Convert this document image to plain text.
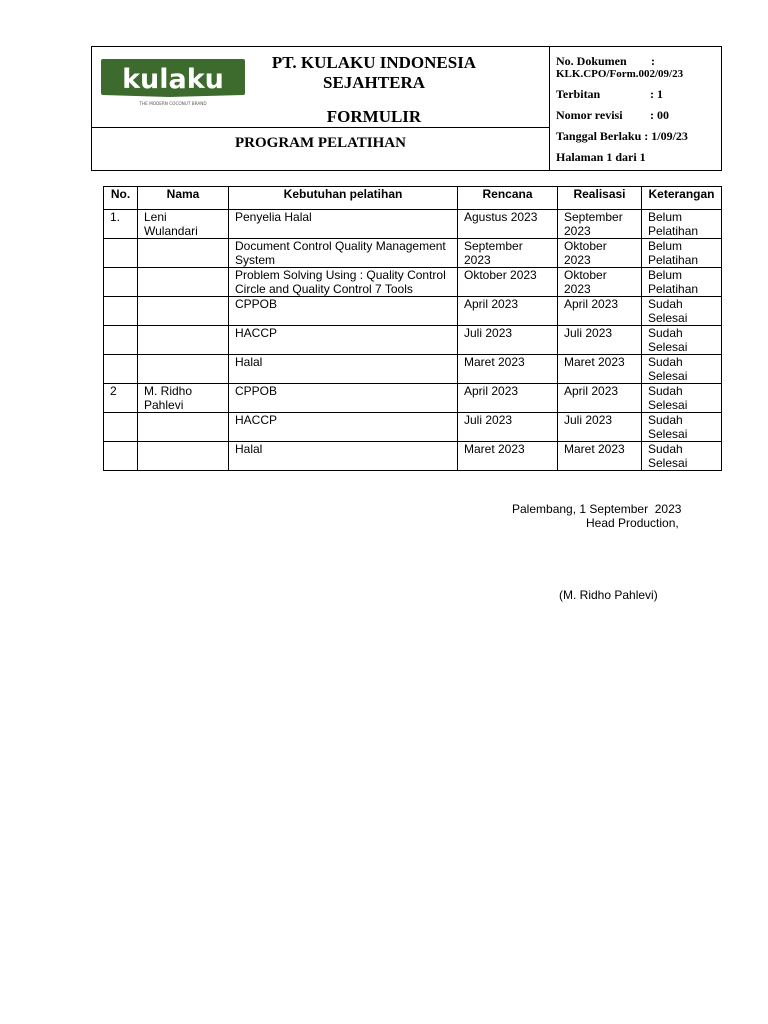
kulaku
THE MODERN COCONUT BRAND
PT. KULAKU INDONESIA
SEJAHTERA
FORMULIR
PROGRAM PELATIHAN
No. Dokumen :
KLK.CPO/Form.002/09/23
Terbitan	: 1
Nomor revisi : 00
Tanggal Berlaku : 1/09/23
Halaman 1 dari 1
No.	Nama	Kebutuhan pelatihan	Rencana	Realisasi	Keterangan
1.	Leni Wulandari	Penyelia Halal	Agustus 2023	September 2023	Belum Pelatihan
		Document Control Quality Management System	September 2023	Oktober 2023	Belum Pelatihan
		Problem Solving Using : Quality Control Circle and Quality Control 7 Tools	Oktober 2023	Oktober 2023	Belum Pelatihan
		CPPOB	April 2023	April 2023	Sudah Selesai
		HACCP	Juli 2023	Juli 2023	Sudah Selesai
		Halal	Maret 2023	Maret 2023	Sudah Selesai
2	M. Ridho Pahlevi	CPPOB	April 2023	April 2023	Sudah Selesai
		HACCP	Juli 2023	Juli 2023	Sudah Selesai
		Halal	Maret 2023	Maret 2023	Sudah Selesai
Palembang, 1 September  2023
Head Production,
(M. Ridho Pahlevi)
